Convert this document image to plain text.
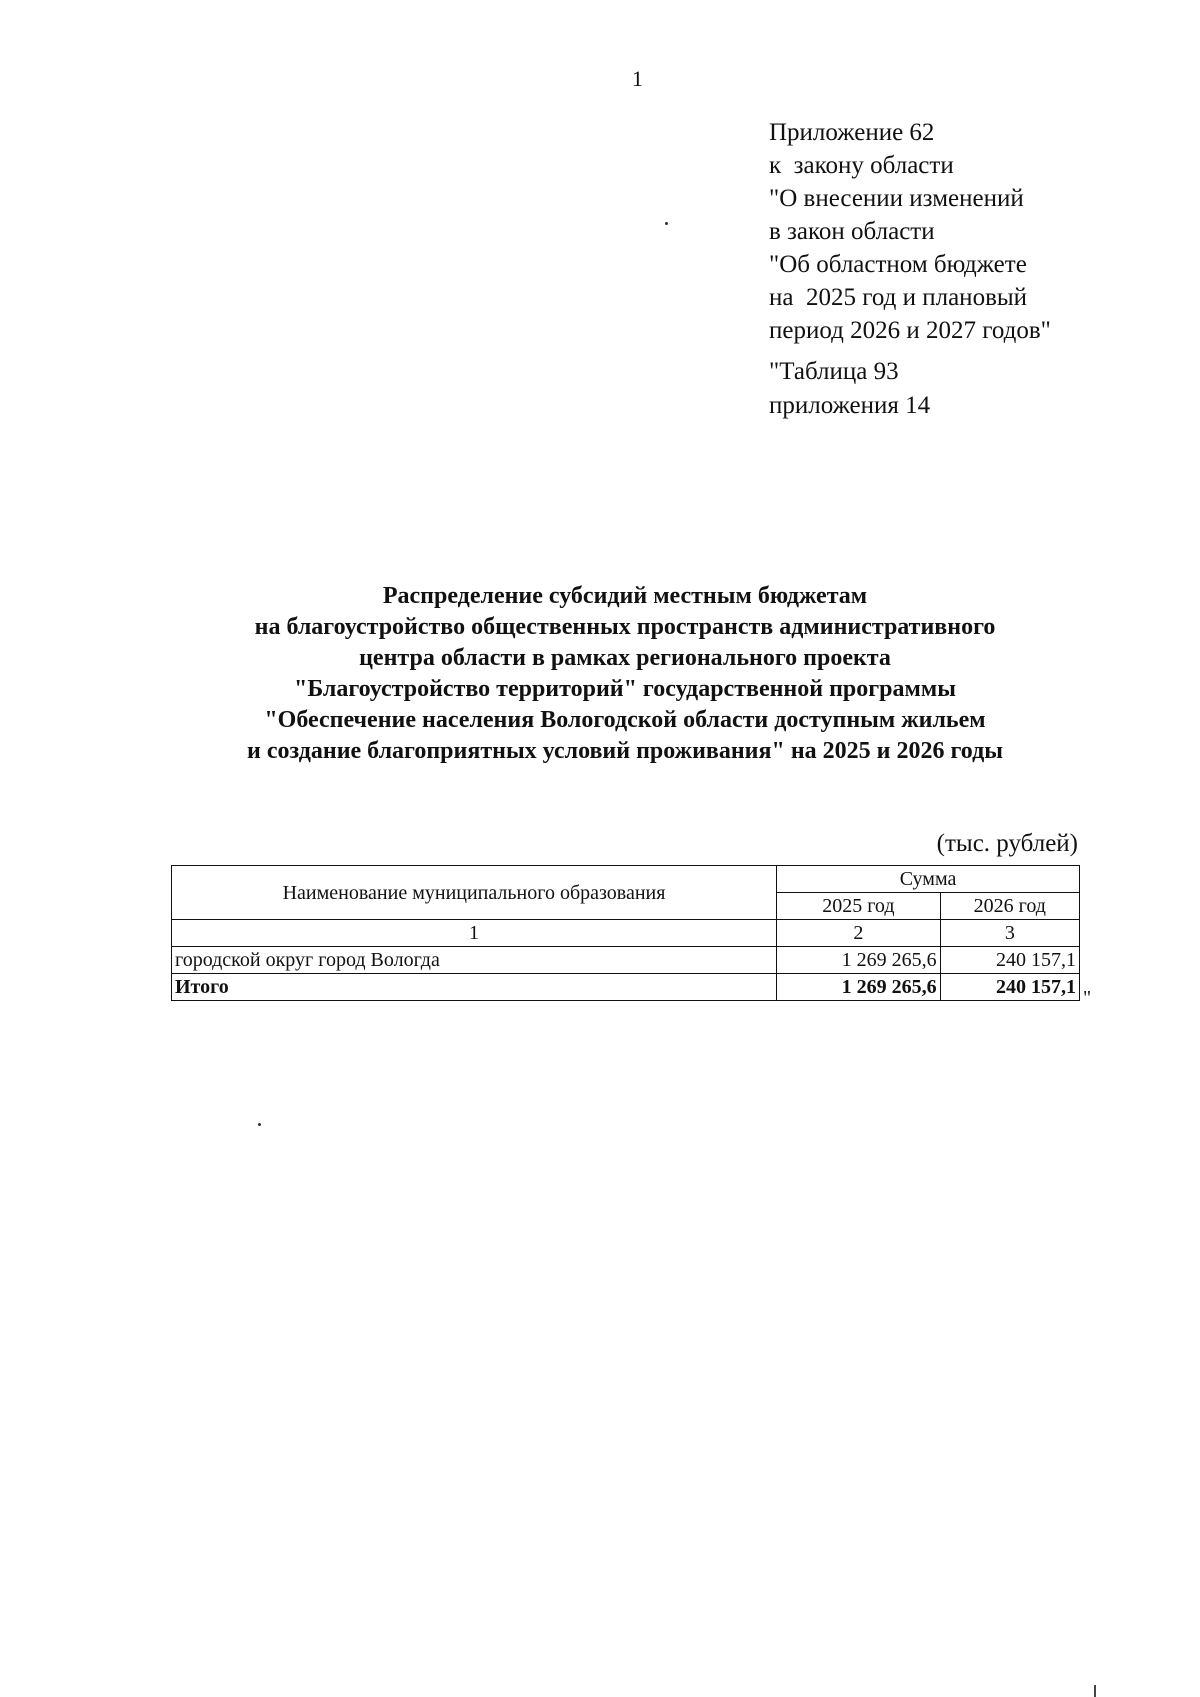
1
Приложение 62
к  закону области
"О внесении изменений
в закон области
"Об областном бюджете
на  2025 год и плановый
период 2026 и 2027 годов"
"Таблица 93
приложения 14
Распределение субсидий местным бюджетам
на благоустройство общественных пространств административного
центра области в рамках регионального проекта
"Благоустройство территорий" государственной программы
"Обеспечение населения Вологодской области доступным жильем
и создание благоприятных условий проживания" на 2025 и 2026 годы
(тыс. рублей)
Наименование муниципального образования	Сумма	
	2025 год	2026 год
1	2	3
городской округ город Вологда	1 269 265,6	240 157,1
Итого	1 269 265,6	240 157,1 "
